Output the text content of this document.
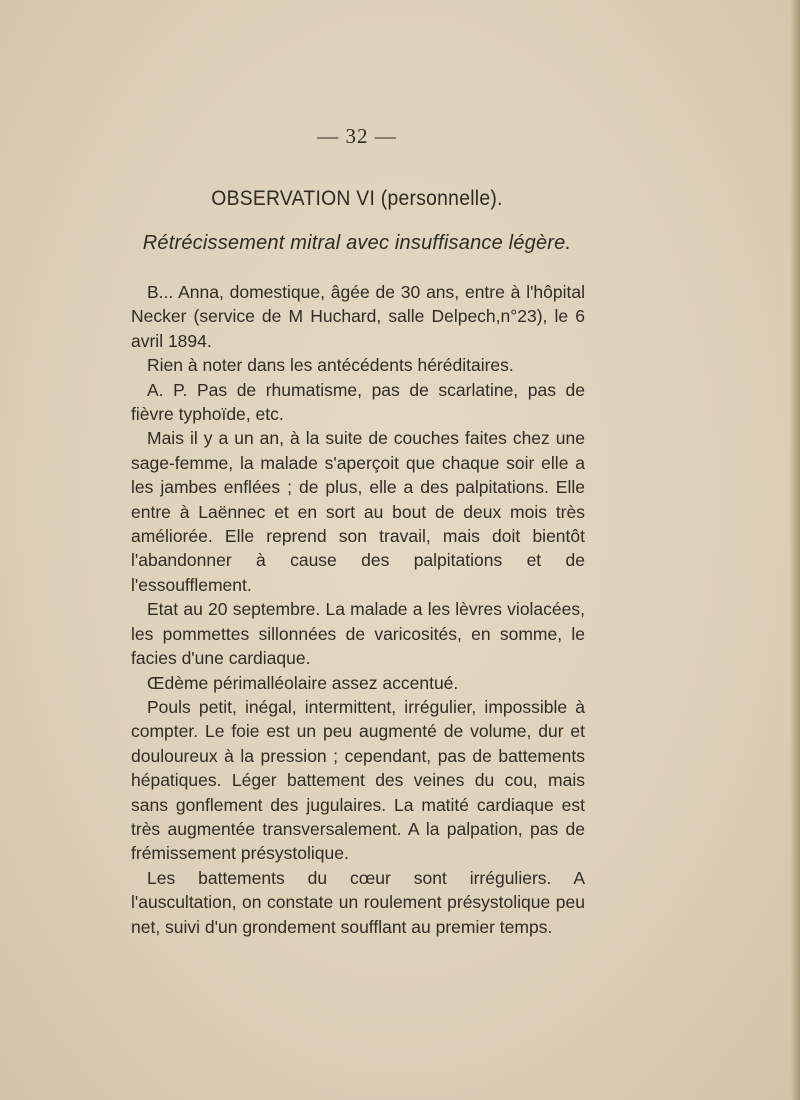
— 32 —
OBSERVATION VI (personnelle).
Rétrécissement mitral avec insuffisance légère.

B... Anna, domestique, âgée de 30 ans, entre à l'hôpital Necker (service de M Huchard, salle Delpech,n°23), le 6 avril 1894.

Rien à noter dans les antécédents héréditaires.

A. P. Pas de rhumatisme, pas de scarlatine, pas de fièvre typhoïde, etc.

Mais il y a un an, à la suite de couches faites chez une sage-femme, la malade s'aperçoit que chaque soir elle a les jambes enflées ; de plus, elle a des palpitations. Elle entre à Laënnec et en sort au bout de deux mois très améliorée. Elle reprend son travail, mais doit bientôt l'abandonner à cause des palpitations et de l'essoufflement.

Etat au 20 septembre. La malade a les lèvres violacées, les pommettes sillonnées de varicosités, en somme, le facies d'une cardiaque.

Œdème périmalléolaire assez accentué.

Pouls petit, inégal, intermittent, irrégulier, impossible à compter. Le foie est un peu augmenté de volume, dur et douloureux à la pression ; cependant, pas de battements hépatiques. Léger battement des veines du cou, mais sans gonflement des jugulaires. La matité cardiaque est très augmentée transversalement. A la palpation, pas de frémissement présystolique.

Les battements du cœur sont irréguliers. A l'auscultation, on constate un roulement présystolique peu net, suivi d'un grondement soufflant au premier temps.
